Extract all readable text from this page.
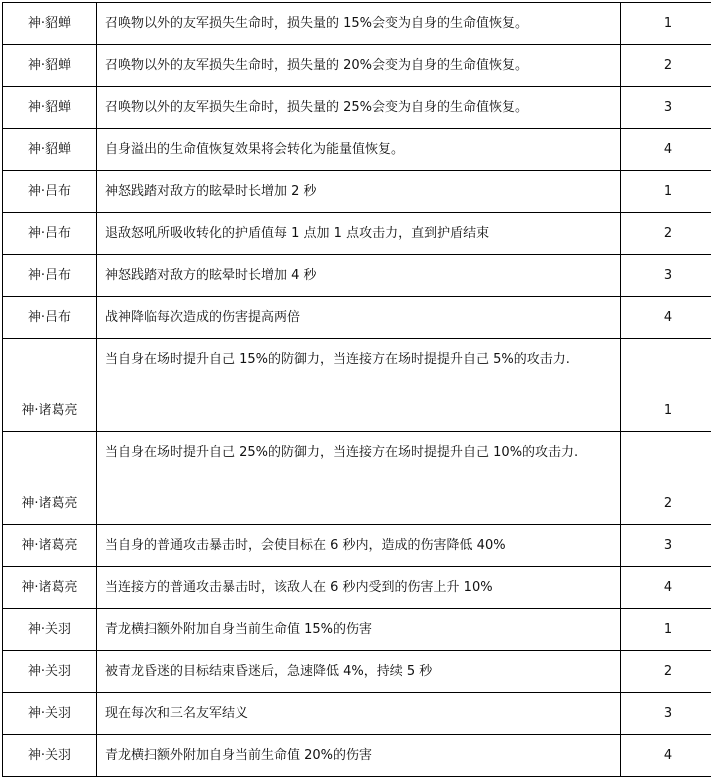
神·貂蝉	召唤物以外的友军损失生命时，损失量的 15%会变为自身的生命值恢复。	1
神·貂蝉	召唤物以外的友军损失生命时，损失量的 20%会变为自身的生命值恢复。	2
神·貂蝉	召唤物以外的友军损失生命时，损失量的 25%会变为自身的生命值恢复。	3
神·貂蝉	自身溢出的生命值恢复效果将会转化为能量值恢复。	4
神·吕布	神怒践踏对敌方的眩晕时长增加 2 秒	1
神·吕布	退敌怒吼所吸收转化的护盾值每 1 点加 1 点攻击力，直到护盾结束	2
神·吕布	神怒践踏对敌方的眩晕时长增加 4 秒	3
神·吕布	战神降临每次造成的伤害提高两倍	4
神·诸葛亮	当自身在场时提升自己 15%的防御力，当连接方在场时提提升自己 5%的攻击力.	1
神·诸葛亮	当自身在场时提升自己 25%的防御力，当连接方在场时提提升自己 10%的攻击力.	2
神·诸葛亮	当自身的普通攻击暴击时，会使目标在 6 秒内，造成的伤害降低 40%	3
神·诸葛亮	当连接方的普通攻击暴击时，该敌人在 6 秒内受到的伤害上升 10%	4
神·关羽	青龙横扫额外附加自身当前生命值 15%的伤害	1
神·关羽	被青龙昏迷的目标结束昏迷后，急速降低 4%，持续 5 秒	2
神·关羽	现在每次和三名友军结义	3
神·关羽	青龙横扫额外附加自身当前生命值 20%的伤害	4
